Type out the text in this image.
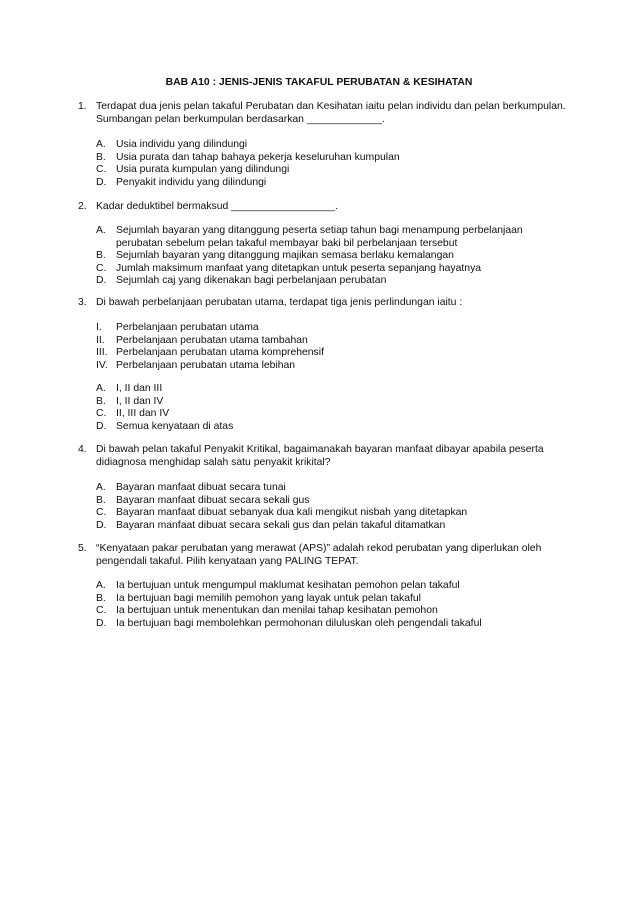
BAB A10 : JENIS-JENIS TAKAFUL PERUBATAN & KESIHATAN
1. Terdapat dua jenis pelan takaful Perubatan dan Kesihatan iaitu pelan individu dan pelan berkumpulan. Sumbangan pelan berkumpulan berdasarkan _____________.
A. Usia individu yang dilindungi
B. Usia purata dan tahap bahaya pekerja keseluruhan kumpulan
C. Usia purata kumpulan yang dilindungi
D. Penyakit individu yang dilindungi
2. Kadar deduktibel bermaksud __________________.
A. Sejumlah bayaran yang ditanggung peserta setiap tahun bagi menampung perbelanjaan perubatan sebelum pelan takaful membayar baki bil perbelanjaan tersebut
B. Sejumlah bayaran yang ditanggung majikan semasa berlaku kemalangan
C. Jumlah maksimum manfaat yang ditetapkan untuk peserta sepanjang hayatnya
D. Sejumlah caj yang dikenakan bagi perbelanjaan perubatan
3. Di bawah perbelanjaan perubatan utama, terdapat tiga jenis perlindungan iaitu :
I. Perbelanjaan perubatan utama
II. Perbelanjaan perubatan utama tambahan
III. Perbelanjaan perubatan utama komprehensif
IV. Perbelanjaan perubatan utama lebihan
A. I, II dan III
B. I, II dan IV
C. II, III dan IV
D. Semua kenyataan di atas
4. Di bawah pelan takaful Penyakit Kritikal, bagaimanakah bayaran manfaat dibayar apabila peserta didiagnosa menghidap salah satu penyakit krikital?
A. Bayaran manfaat dibuat secara tunai
B. Bayaran manfaat dibuat secara sekali gus
C. Bayaran manfaat dibuat sebanyak dua kali mengikut nisbah yang ditetapkan
D. Bayaran manfaat dibuat secara sekali gus dan pelan takaful ditamatkan
5. “Kenyataan pakar perubatan yang merawat (APS)” adalah rekod perubatan yang diperlukan oleh pengendali takaful. Pilih kenyataan yang PALING TEPAT.
A. Ia bertujuan untuk mengumpul maklumat kesihatan pemohon pelan takaful
B. Ia bertujuan bagi memilih pemohon yang layak untuk pelan takaful
C. Ia bertujuan untuk menentukan dan menilai tahap kesihatan pemohon
D. Ia bertujuan bagi membolehkan permohonan diluluskan oleh pengendali takaful
